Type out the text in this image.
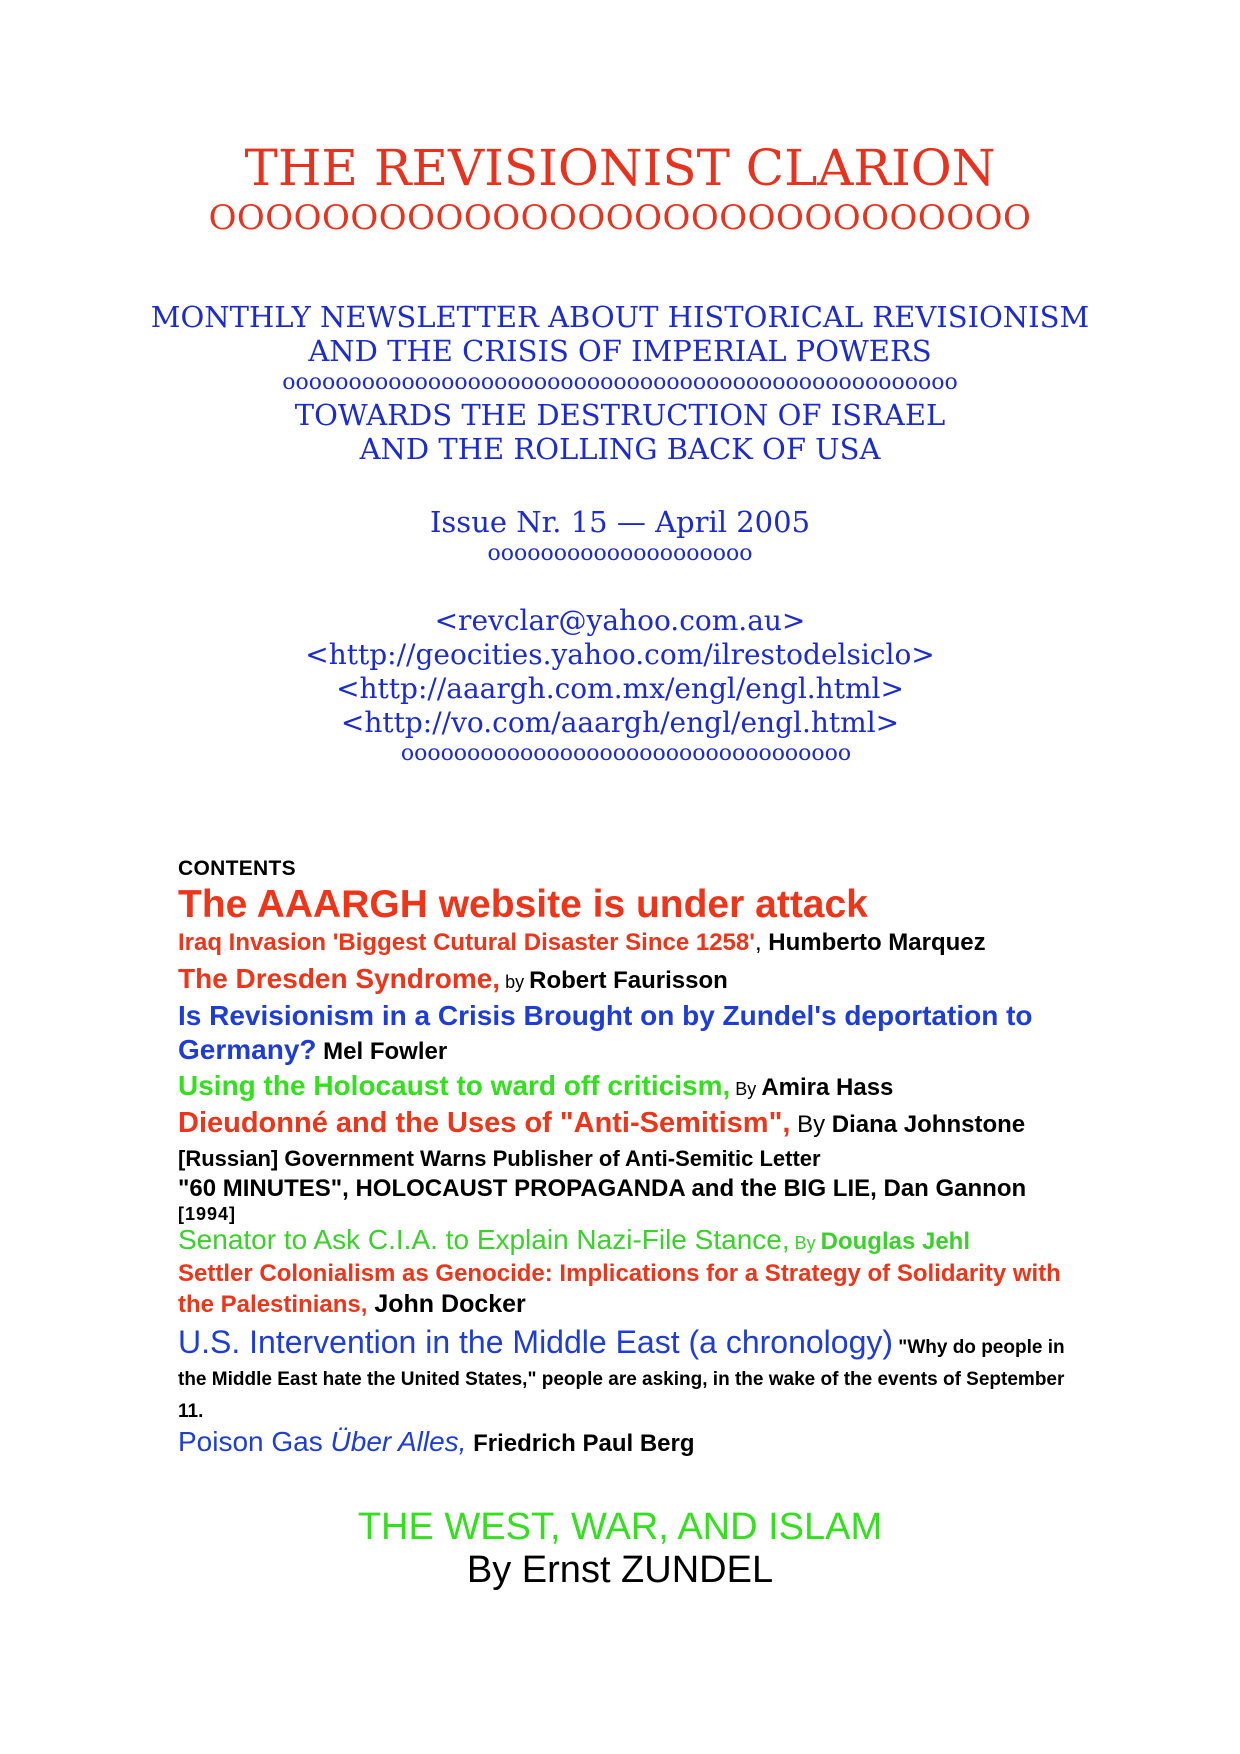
THE REVISIONIST CLARION
OOOOOOOOOOOOOOOOOOOOOOOOOOOOO
MONTHLY NEWSLETTER ABOUT HISTORICAL REVISIONISM
AND THE CRISIS OF IMPERIAL POWERS
ooooooooooooooooooooooooooooooooooooooooooooooooooo
TOWARDS THE DESTRUCTION OF ISRAEL
AND THE ROLLING BACK OF USA
Issue Nr. 15 — April 2005
oooooooooooooooooooo
<revclar@yahoo.com.au>
<http://geocities.yahoo.com/ilrestodelsiclo>
<http://aaargh.com.mx/engl/engl.html>
<http://vo.com/aaargh/engl/engl.html>
oooooooooooooooooooooooooooooooooo
CONTENTS
The AAARGH website is under attack
Iraq Invasion 'Biggest Cutural Disaster Since 1258', Humberto Marquez
The Dresden Syndrome, by Robert Faurisson
Is Revisionism in a Crisis Brought on by Zundel's deportation to Germany? Mel Fowler
Using the Holocaust to ward off criticism, By Amira Hass
Dieudonné and the Uses of "Anti-Semitism", By Diana Johnstone
[Russian] Government Warns Publisher of Anti-Semitic Letter
"60 MINUTES", HOLOCAUST PROPAGANDA and the BIG LIE, Dan Gannon
[1994]
Senator to Ask C.I.A. to Explain Nazi-File Stance, By Douglas Jehl
Settler Colonialism as Genocide: Implications for a Strategy of Solidarity with the Palestinians, John Docker
U.S. Intervention in the Middle East (a chronology) "Why do people in the Middle East hate the United States," people are asking, in the wake of the events of September 11.
Poison Gas Über Alles, Friedrich Paul Berg
THE WEST, WAR, AND ISLAM
By Ernst ZUNDEL
